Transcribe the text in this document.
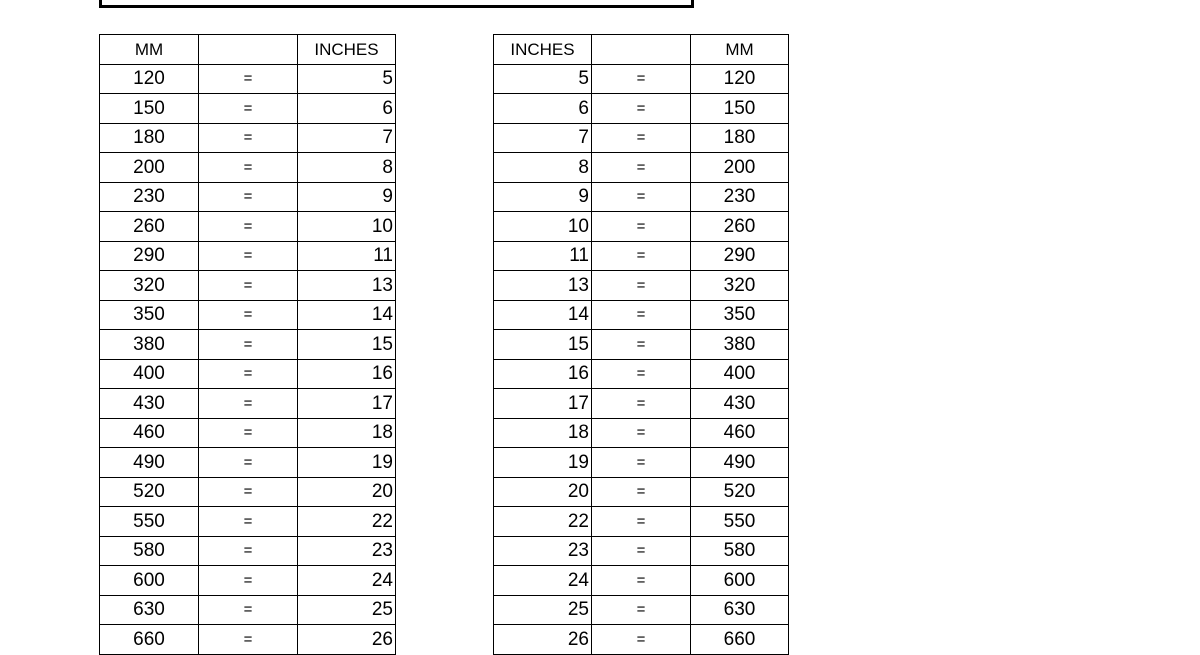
MM		INCHES
120	=	5
150	=	6
180	=	7
200	=	8
230	=	9
260	=	10
290	=	11
320	=	13
350	=	14
380	=	15
400	=	16
430	=	17
460	=	18
490	=	19
520	=	20
550	=	22
580	=	23
600	=	24
630	=	25
660	=	26
INCHES		MM
5	=	120
6	=	150
7	=	180
8	=	200
9	=	230
10	=	260
11	=	290
13	=	320
14	=	350
15	=	380
16	=	400
17	=	430
18	=	460
19	=	490
20	=	520
22	=	550
23	=	580
24	=	600
25	=	630
26	=	660
